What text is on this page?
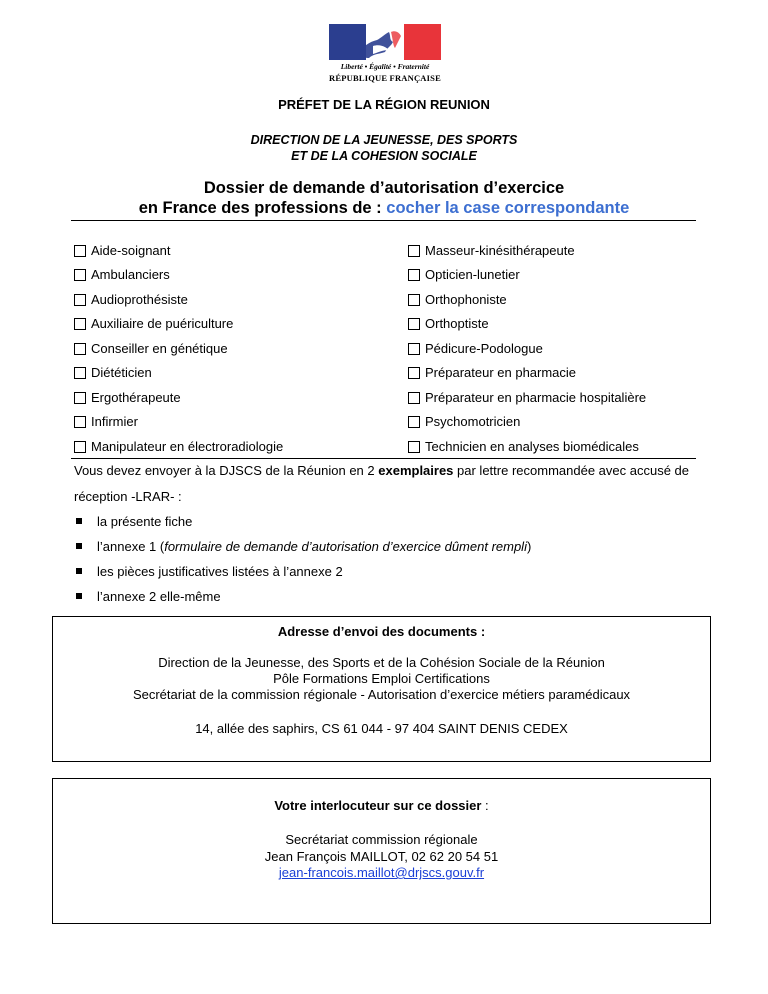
Liberté • Égalité • Fraternité
RÉPUBLIQUE FRANÇAISE
PRÉFET DE LA RÉGION REUNION
DIRECTION DE LA JEUNESSE, DES SPORTS
ET DE LA COHESION SOCIALE
Dossier de demande d’autorisation d’exercice
en France des professions de : cocher la case correspondante
Aide-soignant
Ambulanciers
Audioprothésiste
Auxiliaire de puériculture
Conseiller en génétique
Diététicien
Ergothérapeute
Infirmier
Manipulateur en électroradiologie
Masseur-kinésithérapeute
Opticien-lunetier
Orthophoniste
Orthoptiste
Pédicure-Podologue
Préparateur en pharmacie
Préparateur en pharmacie hospitalière
Psychomotricien
Technicien en analyses biomédicales
Vous devez envoyer à la DJSCS de la Réunion en 2 exemplaires par lettre recommandée avec accusé de
réception -LRAR- :
la présente fiche
l’annexe 1 (formulaire de demande d’autorisation d’exercice dûment rempli)
les pièces justificatives listées à l’annexe 2
l’annexe 2 elle-même
Adresse d’envoi des documents :
Direction de la Jeunesse, des Sports et de la Cohésion Sociale de la Réunion
Pôle Formations Emploi Certifications
Secrétariat de la commission régionale - Autorisation d’exercice métiers paramédicaux
14, allée des saphirs, CS 61 044 - 97 404 SAINT DENIS CEDEX
Votre interlocuteur sur ce dossier :
Secrétariat commission régionale
Jean François MAILLOT, 02 62 20 54 51
jean-francois.maillot@drjscs.gouv.fr
